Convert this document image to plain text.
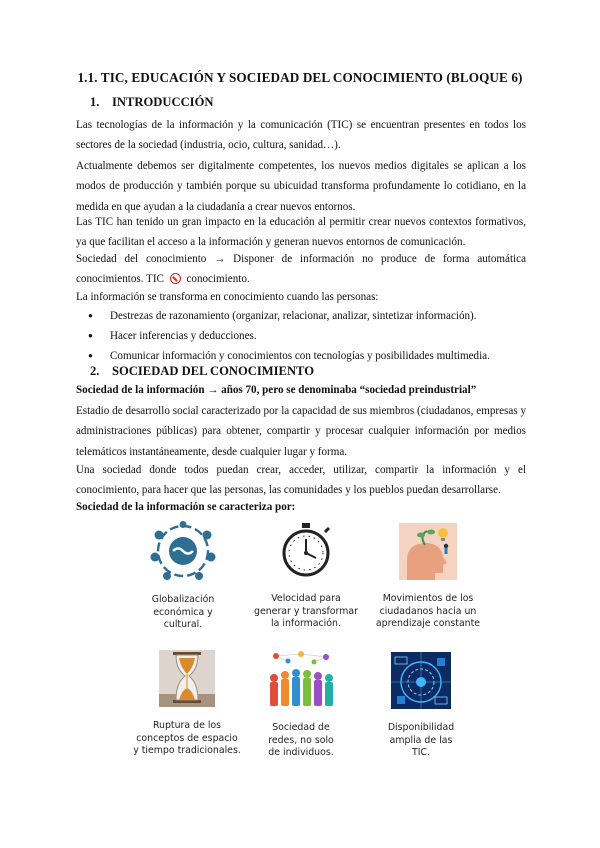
1.1. TIC, EDUCACIÓN Y SOCIEDAD DEL CONOCIMIENTO (BLOQUE 6)
1. INTRODUCCIÓN

Las tecnologías de la información y la comunicación (TIC) se encuentran presentes en todos los sectores de la sociedad (industria, ocio, cultura, sanidad…).

Actualmente debemos ser digitalmente competentes, los nuevos medios digitales se aplican a los modos de producción y también porque su ubicuidad transforma profundamente lo cotidiano, en la medida en que ayudan a la ciudadanía a crear nuevos entornos.

Las TIC han tenido un gran impacto en la educación al permitir crear nuevos contextos formativos, ya que facilitan el acceso a la información y generan nuevos entornos de comunicación.

Sociedad del conocimiento → Disponer de información no produce de forma automática conocimientos. TIC conocimiento.

La información se transforma en conocimiento cuando las personas:

● Destrezas de razonamiento (organizar, relacionar, analizar, sintetizar información).
● Hacer inferencias y deducciones.
● Comunicar información y conocimientos con tecnologías y posibilidades multimedia.
2. SOCIEDAD DEL CONOCIMIENTO

Sociedad de la información → años 70, pero se denominaba “sociedad preindustrial”

Estadio de desarrollo social caracterizado por la capacidad de sus miembros (ciudadanos, empresas y administraciones públicas) para obtener, compartir y procesar cualquier información por medios telemáticos instantáneamente, desde cualquier lugar y forma.

Una sociedad donde todos puedan crear, acceder, utilizar, compartir la información y el conocimiento, para hacer que las personas, las comunidades y los pueblos puedan desarrollarse.

Sociedad de la información se caracteriza por:

Globalización
económica y
cultural.
Velocidad para
generar y transformar
la información.
Movimientos de los
ciudadanos hacia un
aprendizaje constante
Ruptura de los
conceptos de espacio
y tiempo tradicionales.
Sociedad de
redes, no solo
de individuos.
Disponibilidad
amplia de las
TIC.
